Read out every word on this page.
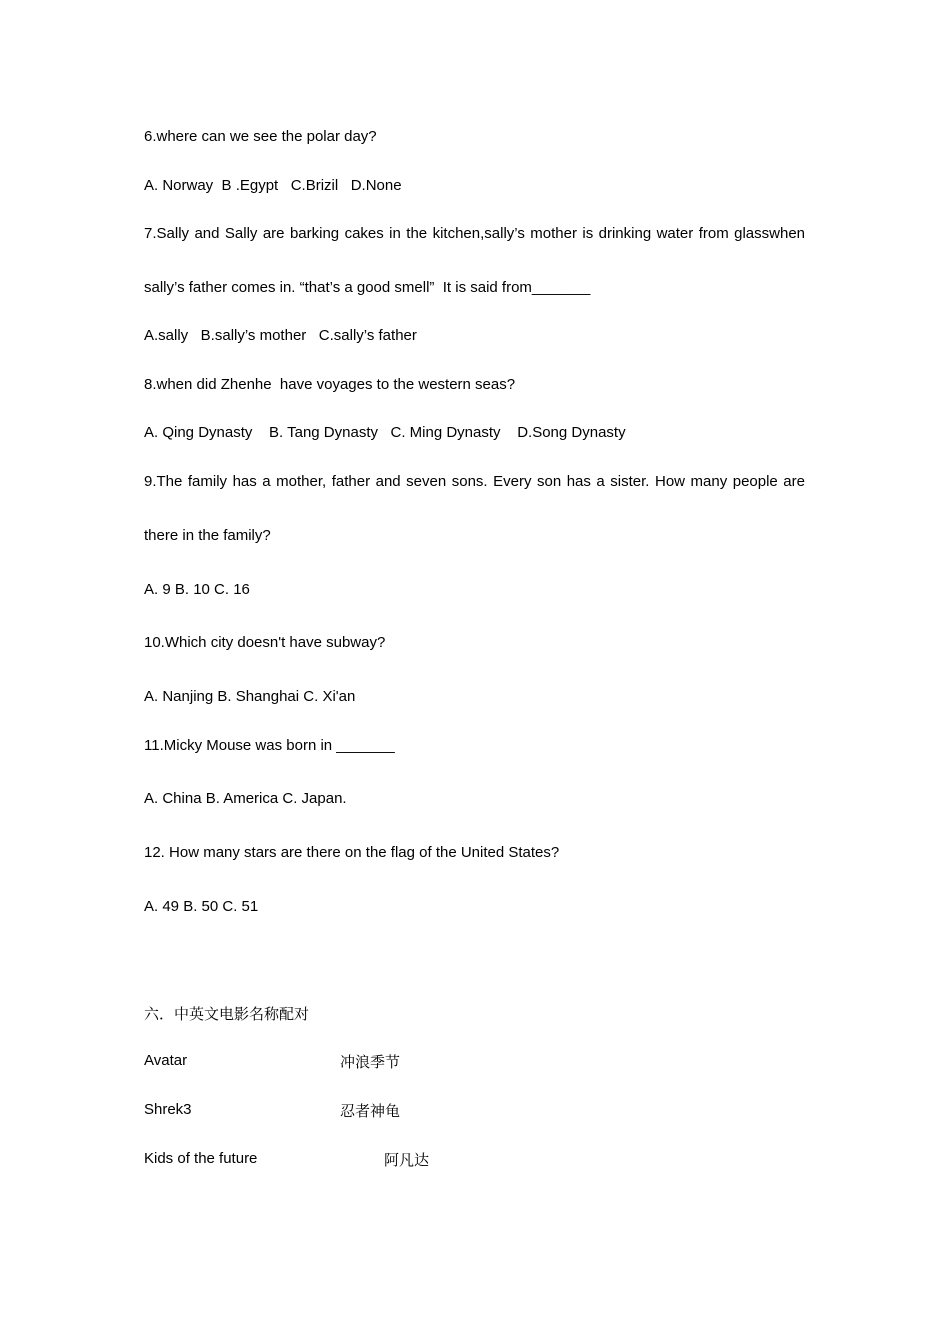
6.where can we see the polar day?
A. Norway  B .Egypt   C.Brizil   D.None
7.Sally and Sally are barking cakes in the kitchen,sally’s mother is drinking water from glasswhen
sally’s father comes in. “that’s a good smell”  It is said from_______
A.sally   B.sally’s mother   C.sally’s father
8.when did Zhenhe  have voyages to the western seas?
A. Qing Dynasty    B. Tang Dynasty   C. Ming Dynasty    D.Song Dynasty
9.The family has a mother, father and seven sons. Every son has a sister. How many people are
there in the family?
A. 9 B. 10 C. 16
10.Which city doesn't have subway?
A. Nanjing B. Shanghai C. Xi'an
11.Micky Mouse was born in _______
A. China B. America C. Japan.
12. How many stars are there on the flag of the United States?
A. 49 B. 50 C. 51
六．中英文电影名称配对
Avatar	冲浪季节
Shrek3	忍者神龟
Kids of the future	阿凡达
